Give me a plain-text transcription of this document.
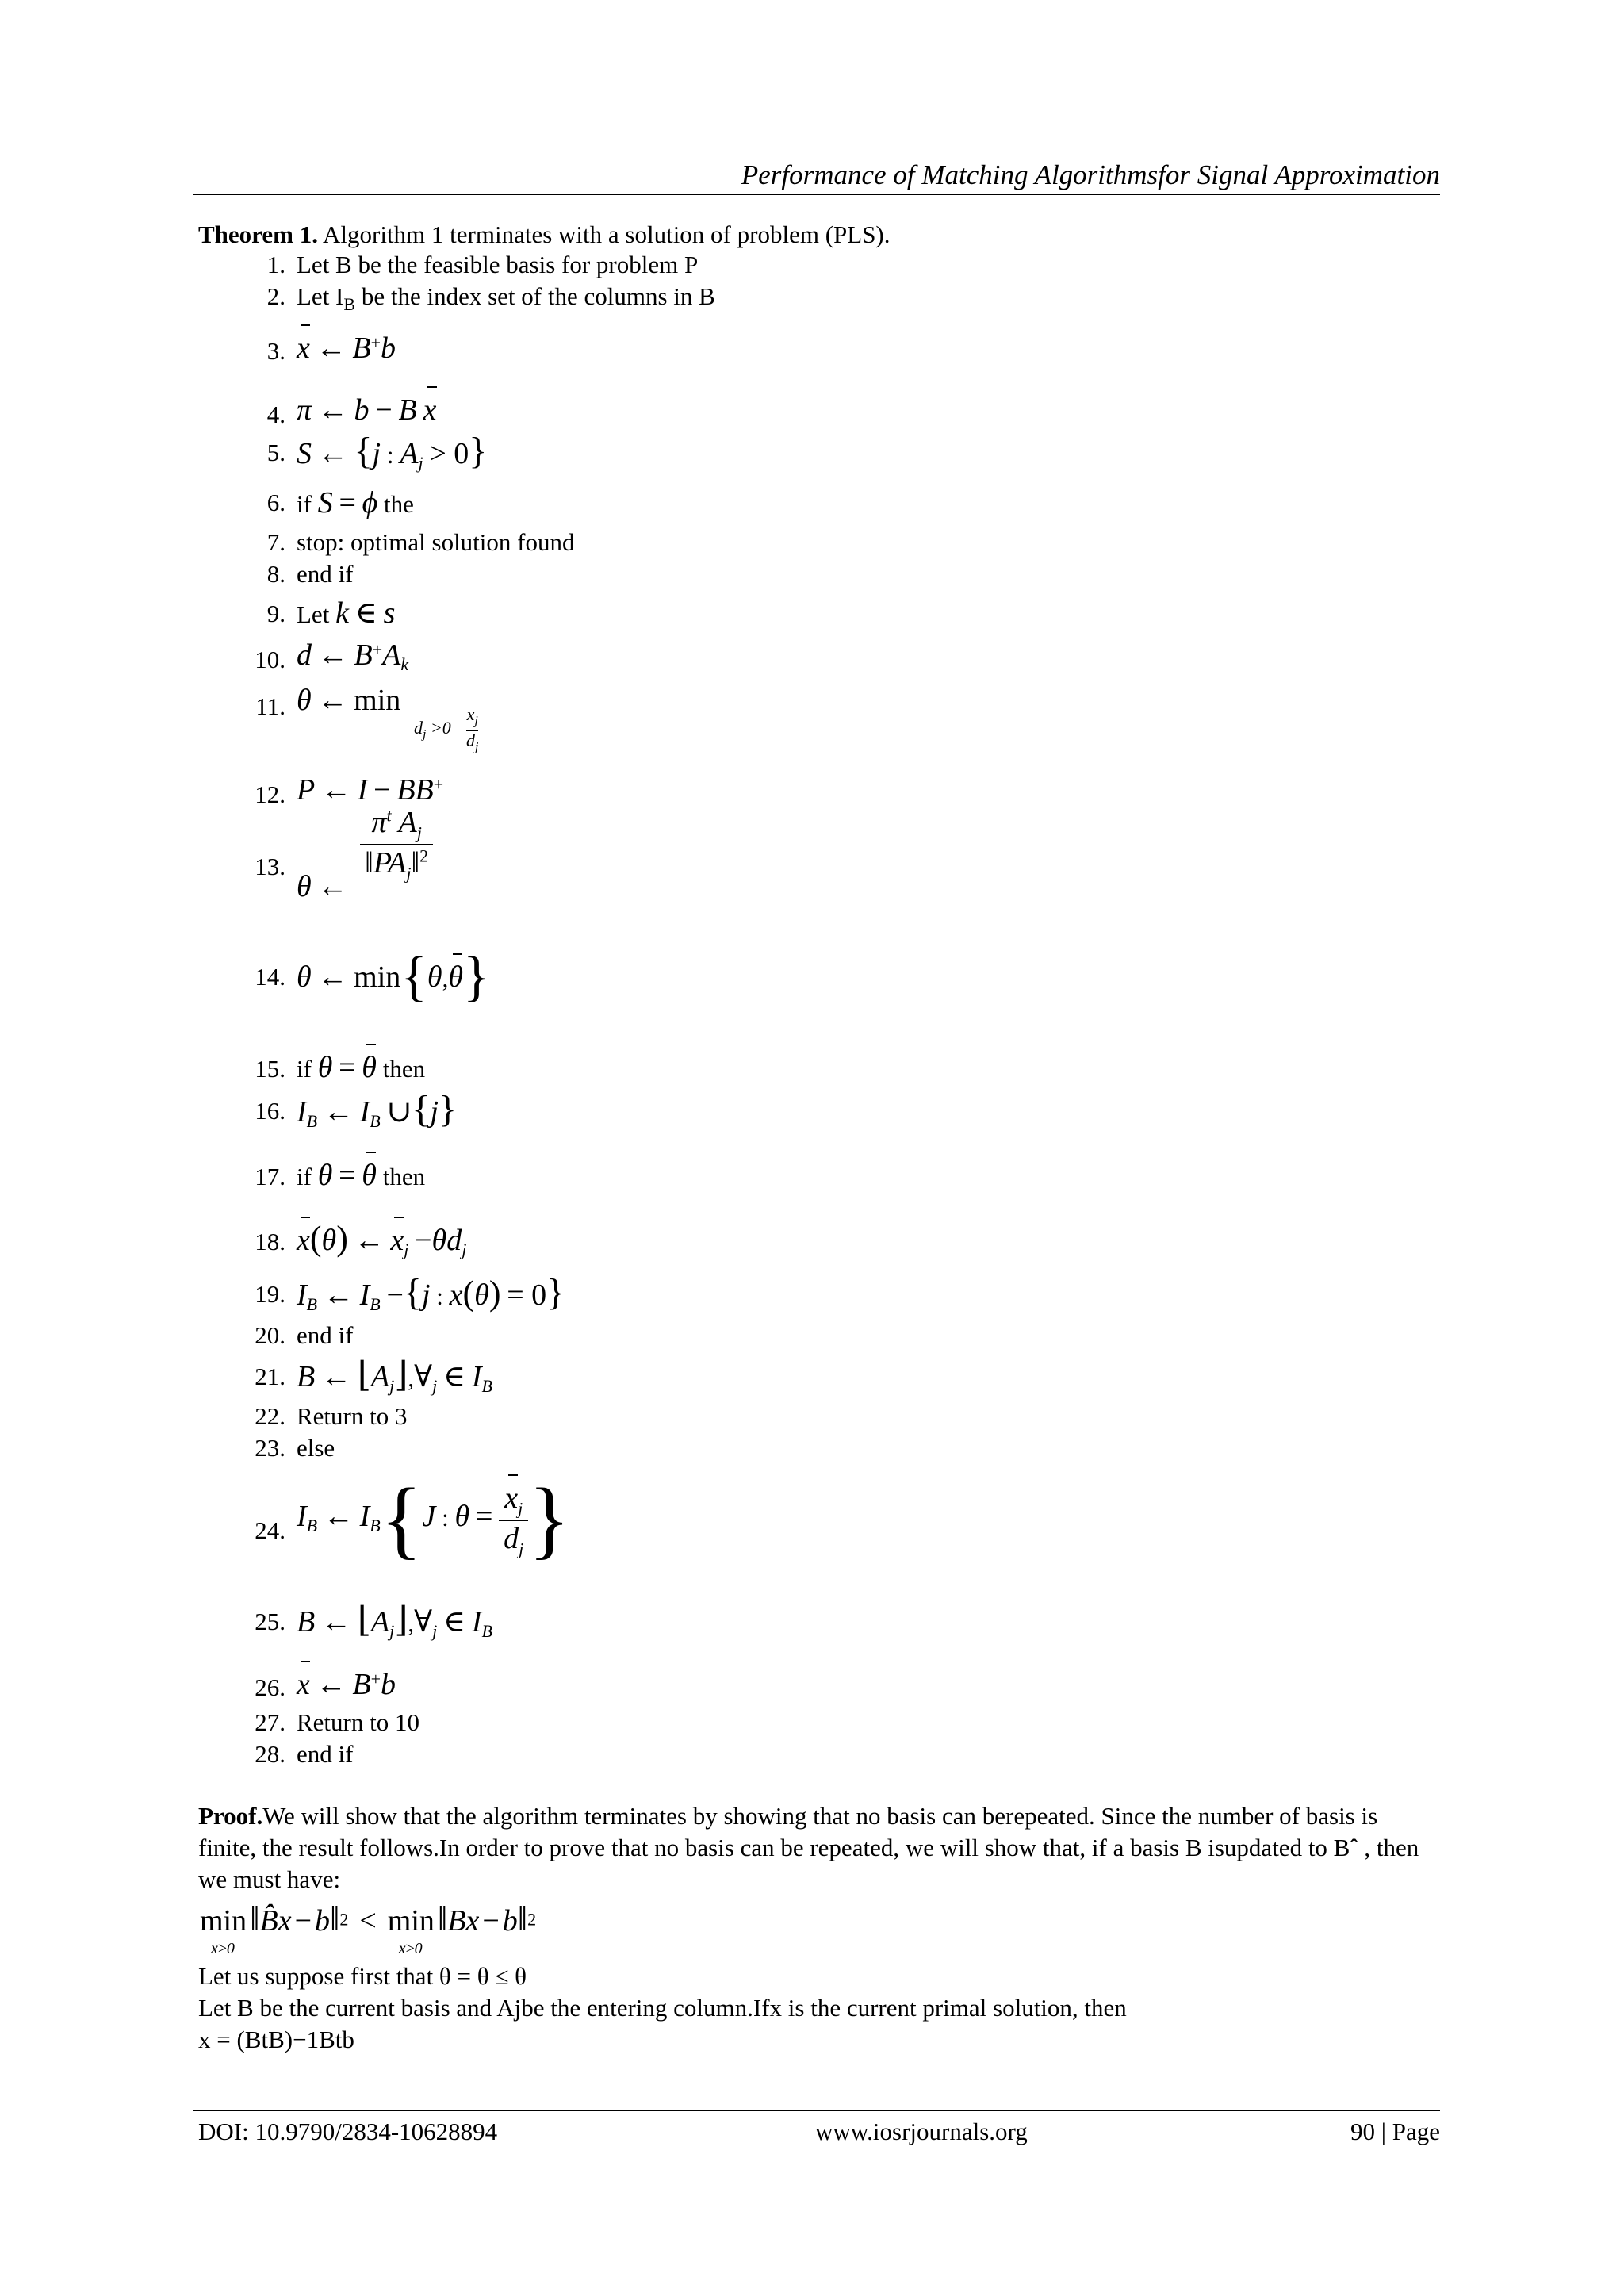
Performance of Matching Algorithmsfor Signal Approximation
Theorem 1. Algorithm 1 terminates with a solution of problem (PLS).
1. Let B be the feasible basis for problem P
2. Let $I_B$ be the index set of the columns in B
3. x ← B+b
4. π ← b − B x
5. S ← {j : $A_j > 0$}
6. if S = ϕ the
7. stop: optimal solution found
8. end if
9. Let k ∈ s
10. d ← $B^+A_k$
11. θ ← min
$d_j >0$
$x_j$
$d_j$
12. P ← I − BB+
13.
θ ←
$\frac{\pi^t A_j}{‖PA_j‖^2}$
14. θ ← min{θ,θ}
15. if θ = θ then
16. $I_B$ ← $I_B$ ∪{j}
17. if θ = θ then
18. x(θ) ← $x_j -\theta d_j$
19. $I_B$ ← $I_B -\{j$ : x(θ) = 0}
20. end if
21. B ← $⌊A_j⌋,\forall_j$ ∈ $I_B$
22. Return to 3
23. else
24. $I_B$ ← $I_B\{J$ : $\theta = \frac{x_j}{d_j}$ }
25. B ← $⌊A_j⌋,\forall_j$ ∈ $I_B$
26. x ← B+b
27. Return to 10
28. end if
Proof.We will show that the algorithm terminates by showing that no basis can berepeated. Since the number of basis is finite, the result follows.In order to prove that no basis can be repeated, we will show that, if a basis B isupdated to Bˆ , then we must have:
min
x≥0
‖B̂x − b‖$^2$ < min
x≥0
‖Bx − b‖$^2$
Let us suppose first that θ = θ ≤ θ
Let B be the current basis and Ajbe the entering column.Ifx is the current primal solution, then
x = (BtB)−1Btb
DOI: 10.9790/2834-10628894	www.iosrjournals.org	90 | Page
